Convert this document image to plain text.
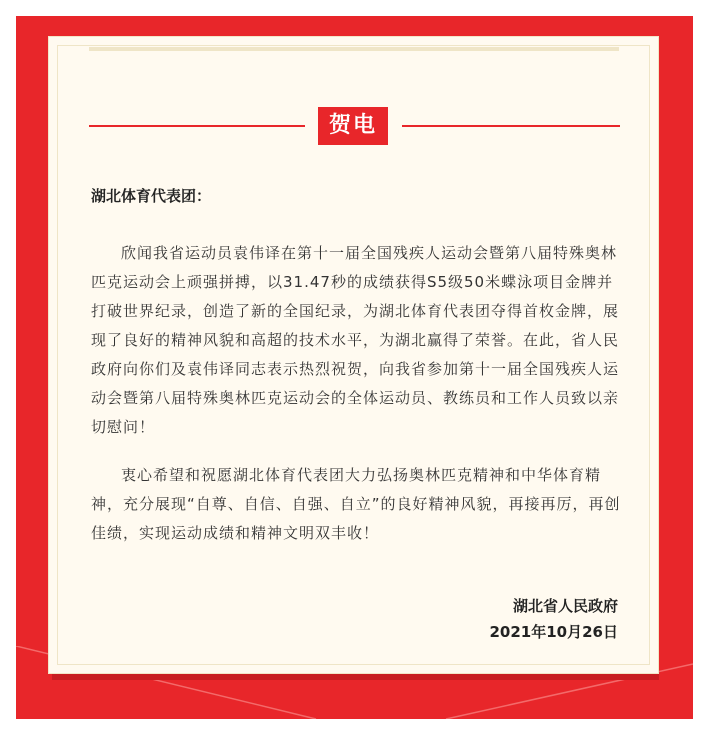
贺电
湖北体育代表团：

欣闻我省运动员袁伟译在第十一届全国残疾人运动会暨第八届特殊奥林匹克运动会上顽强拼搏，以31.47秒的成绩获得S5级50米蝶泳项目金牌并打破世界纪录，创造了新的全国纪录，为湖北体育代表团夺得首枚金牌，展现了良好的精神风貌和高超的技术水平，为湖北赢得了荣誉。在此，省人民政府向你们及袁伟译同志表示热烈祝贺，向我省参加第十一届全国残疾人运动会暨第八届特殊奥林匹克运动会的全体运动员、教练员和工作人员致以亲切慰问！

衷心希望和祝愿湖北体育代表团大力弘扬奥林匹克精神和中华体育精神，充分展现“自尊、自信、自强、自立”的良好精神风貌，再接再厉，再创佳绩，实现运动成绩和精神文明双丰收！

湖北省人民政府
2021年10月26日
